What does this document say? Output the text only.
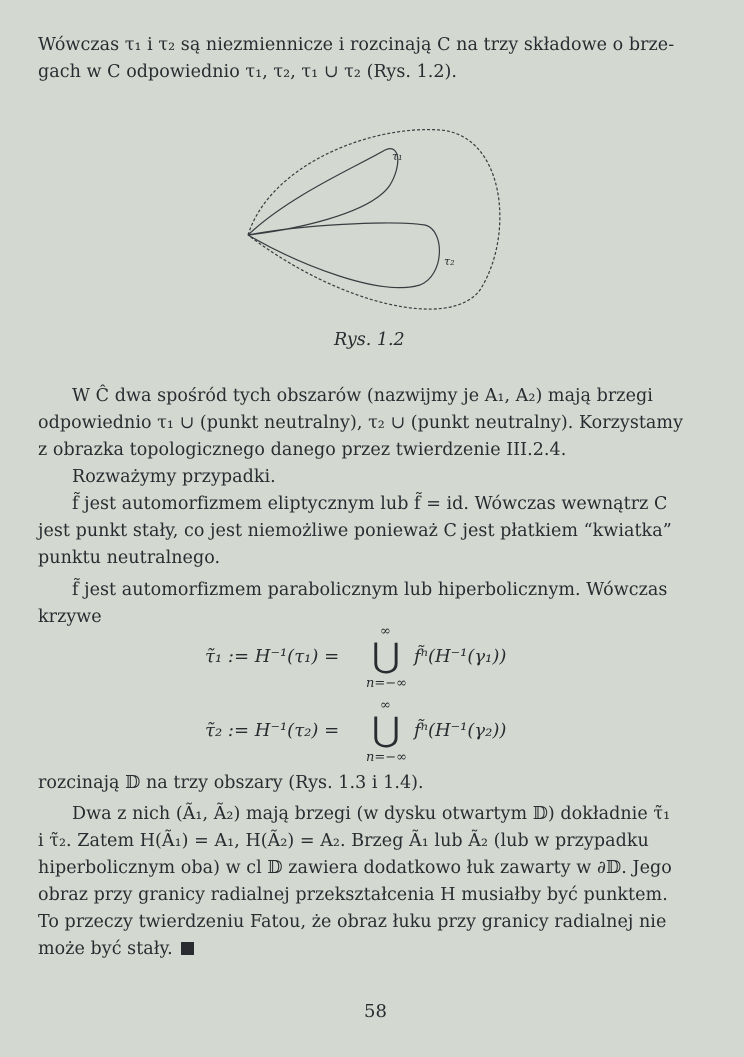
Wówczas τ₁ i τ₂ są niezmiennicze i rozcinają C na trzy składowe o brze-
gach w C odpowiednio τ₁, τ₂, τ₁ ∪ τ₂ (Rys. 1.2).
τ₁
τ₂
Rys. 1.2
W Ĉ dwa spośród tych obszarów (nazwijmy je A₁, A₂) mają brzegi
odpowiednio τ₁ ∪ (punkt neutralny), τ₂ ∪ (punkt neutralny). Korzystamy
z obrazka topologicznego danego przez twierdzenie III.2.4.
Rozważymy przypadki.
f̃ jest automorfizmem eliptycznym lub f̃ = id. Wówczas wewnątrz C
jest punkt stały, co jest niemożliwe ponieważ C jest płatkiem “kwiatka”
punktu neutralnego.
f̃ jest automorfizmem parabolicznym lub hiperbolicznym. Wówczas
krzywe
τ̃₁ := H⁻¹(τ₁) =
∞
⋃
n=−∞
f̃ⁿ(H⁻¹(γ₁))
τ̃₂ := H⁻¹(τ₂) =
∞
⋃
n=−∞
f̃ⁿ(H⁻¹(γ₂))
rozcinają 𝔻 na trzy obszary (Rys. 1.3 i 1.4).
Dwa z nich (Ã₁, Ã₂) mają brzegi (w dysku otwartym 𝔻) dokładnie τ̃₁
i τ̃₂. Zatem H(Ã₁) = A₁, H(Ã₂) = A₂. Brzeg Ã₁ lub Ã₂ (lub w przypadku
hiperbolicznym oba) w cl 𝔻 zawiera dodatkowo łuk zawarty w ∂𝔻. Jego
obraz przy granicy radialnej przekształcenia H musiałby być punktem.
To przeczy twierdzeniu Fatou, że obraz łuku przy granicy radialnej nie
może być stały.
58
